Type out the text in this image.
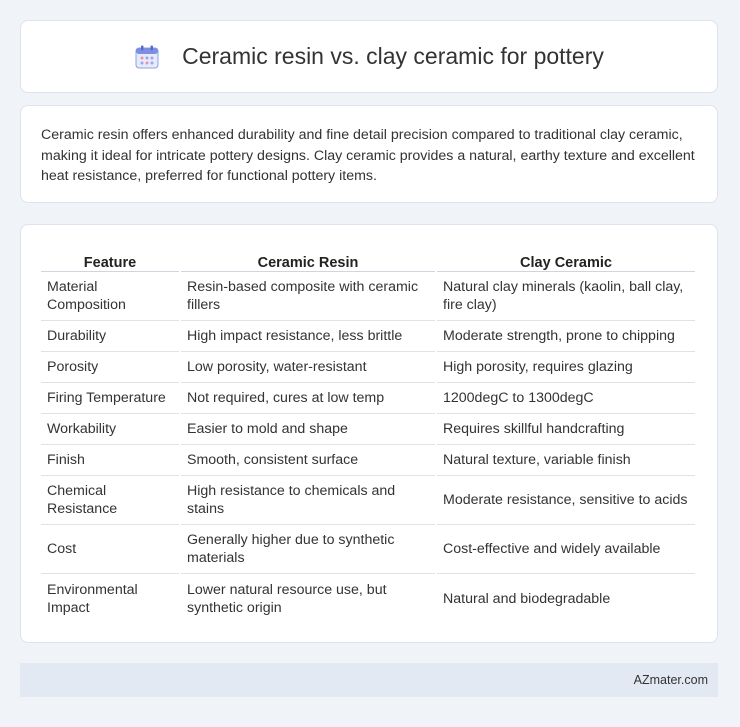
Ceramic resin vs. clay ceramic for pottery

Ceramic resin offers enhanced durability and fine detail precision compared to traditional clay ceramic, making it ideal for intricate pottery designs. Clay ceramic provides a natural, earthy texture and excellent heat resistance, preferred for functional pottery items.

Feature	Ceramic Resin	Clay Ceramic
Material Composition	Resin-based composite with ceramic fillers	Natural clay minerals (kaolin, ball clay, fire clay)
Durability	High impact resistance, less brittle	Moderate strength, prone to chipping
Porosity	Low porosity, water-resistant	High porosity, requires glazing
Firing Temperature	Not required, cures at low temp	1200degC to 1300degC
Workability	Easier to mold and shape	Requires skillful handcrafting
Finish	Smooth, consistent surface	Natural texture, variable finish
Chemical Resistance	High resistance to chemicals and stains	Moderate resistance, sensitive to acids
Cost	Generally higher due to synthetic materials	Cost-effective and widely available
Environmental Impact	Lower natural resource use, but synthetic origin	Natural and biodegradable
AZmater.com
